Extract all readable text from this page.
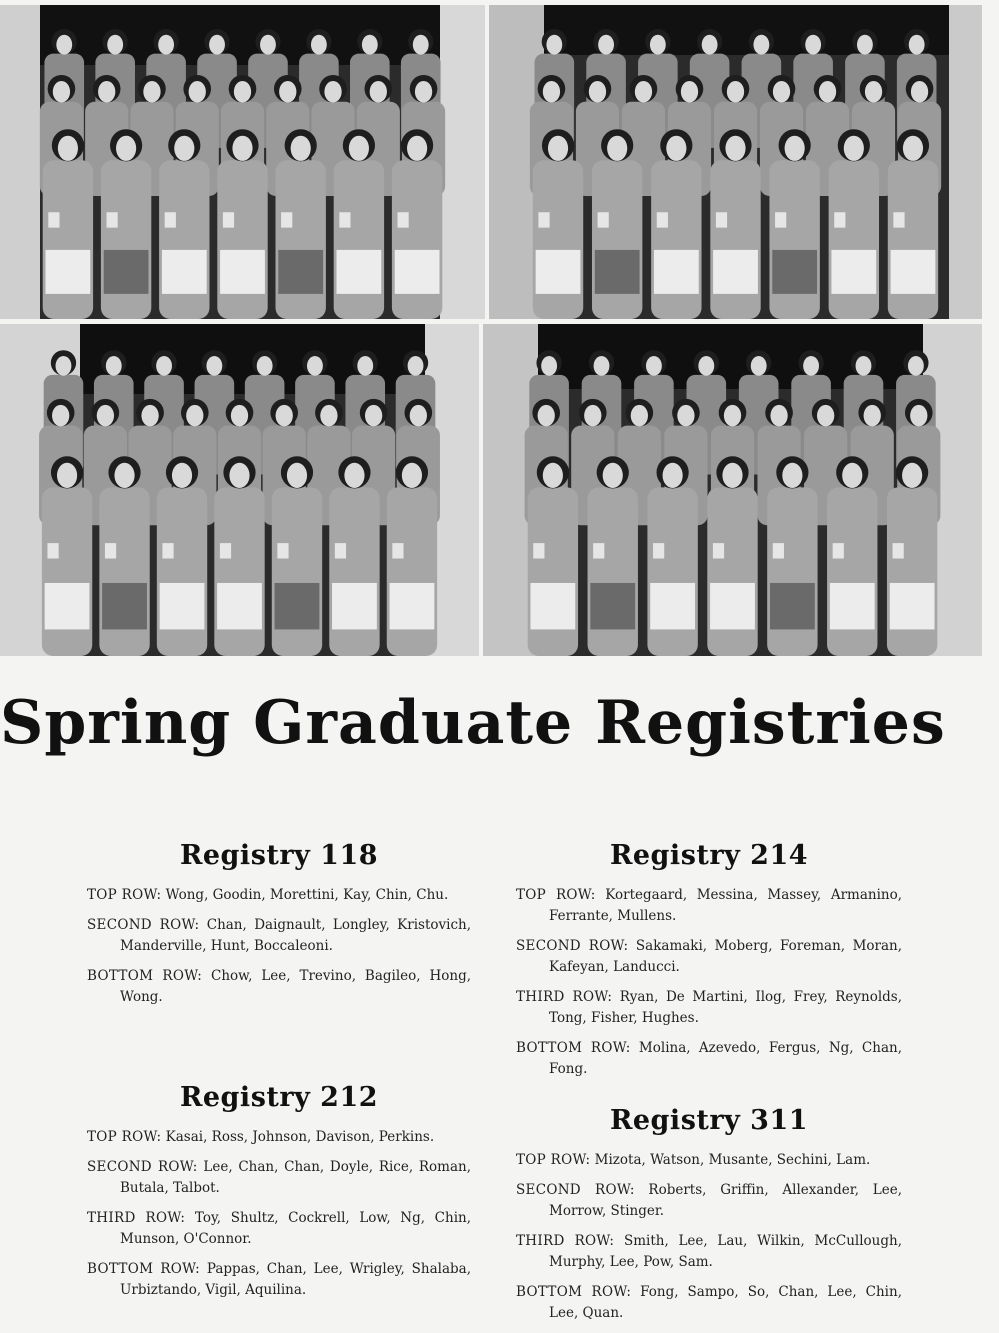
Spring Graduate Registries
Registry 118

TOP ROW: Wong, Goodin, Morettini, Kay, Chin, Chu.

SECOND ROW: Chan, Daignault, Longley, Kristovich, Manderville, Hunt, Boccaleoni.

BOTTOM ROW: Chow, Lee, Trevino, Bagileo, Hong, Wong.

Registry 212

TOP ROW: Kasai, Ross, Johnson, Davison, Perkins.

SECOND ROW: Lee, Chan, Chan, Doyle, Rice, Roman, Butala, Talbot.

THIRD ROW: Toy, Shultz, Cockrell, Low, Ng, Chin, Munson, O'Connor.

BOTTOM ROW: Pappas, Chan, Lee, Wrigley, Shalaba, Urbiztando, Vigil, Aquilina.

Registry 214

TOP ROW: Kortegaard, Messina, Massey, Armanino, Ferrante, Mullens.

SECOND ROW: Sakamaki, Moberg, Foreman, Moran, Kafeyan, Landucci.

THIRD ROW: Ryan, De Martini, Ilog, Frey, Reynolds, Tong, Fisher, Hughes.

BOTTOM ROW: Molina, Azevedo, Fergus, Ng, Chan, Fong.

Registry 311

TOP ROW: Mizota, Watson, Musante, Sechini, Lam.

SECOND ROW: Roberts, Griffin, Allexander, Lee, Morrow, Stinger.

THIRD ROW: Smith, Lee, Lau, Wilkin, McCullough, Murphy, Lee, Pow, Sam.

BOTTOM ROW: Fong, Sampo, So, Chan, Lee, Chin, Lee, Quan.
